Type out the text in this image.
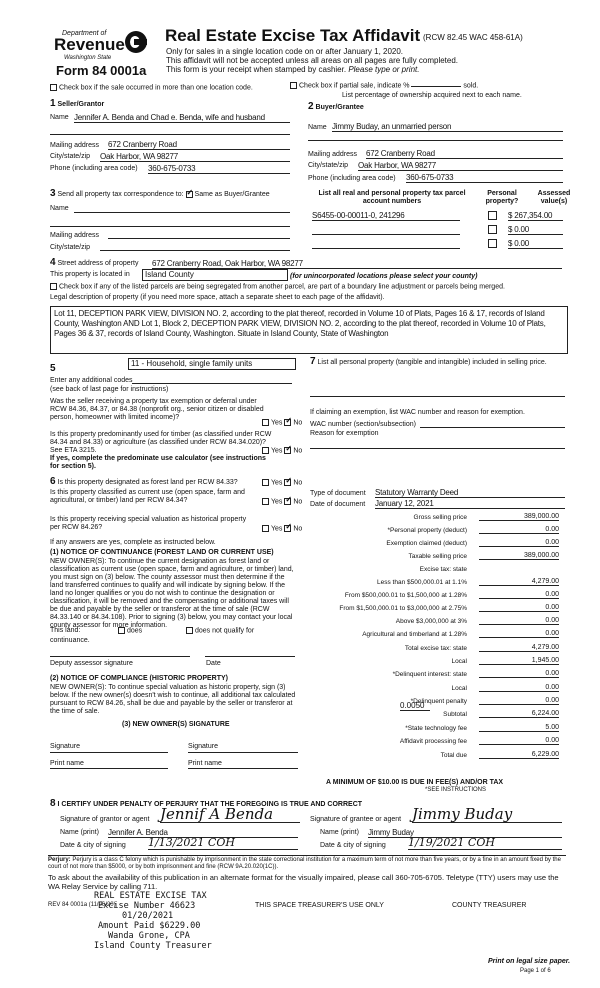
Department of
Revenue
Washington State
Form 84 0001a
Real Estate Excise Tax Affidavit (RCW 82.45 WAC 458-61A)
Only for sales in a single location code on or after January 1, 2020.
This affidavit will not be accepted unless all areas on all pages are fully completed.
This form is your receipt when stamped by cashier. Please type or print.
Check box if the sale occurred in more than one location code.	Check box if partial sale, indicate %	sold.
List percentage of ownership acquired next to each name.
1 Seller/Grantor
Name Jennifer A. Benda and Chad e. Benda, wife and husband
Mailing address 672 Cranberry Road
City/state/zip Oak Harbor, WA 98277
Phone (including area code) 360-675-0733
2 Buyer/Grantee
Name Jimmy Buday, an unmarried person
Mailing address 672 Cranberry Road
City/state/zip Oak Harbor, WA 98277
Phone (including area code) 360-675-0733
3 Send all property tax correspondence to: ✓ Same as Buyer/Grantee
Name
Mailing address
City/state/zip
List all real and personal property tax parcel account numbers
Personal property?
Assessed value(s)
S6455-00-00011-0, 241296	$ 267,354.00
$ 0.00
$ 0.00
4 Street address of property 672 Cranberry Road, Oak Harbor, WA 98277
This property is located in	Island County	(for unincorporated locations please select your county)
Check box if any of the listed parcels are being segregated from another parcel, are part of a boundary line adjustment or parcels being merged.
Legal description of property (if you need more space, attach a separate sheet to each page of the affidavit).
Lot 11, DECEPTION PARK VIEW, DIVISION NO. 2, according to the plat thereof, recorded in Volume 10 of Plats, Pages 16 & 17, records of Island County, Washington AND Lot 1, Block 2, DECEPTION PARK VIEW, DIVISION NO. 2, according to the plat thereof, recorded in Volume 10 of Plats, Pages 36 & 37, records of Island County, Washington. Situate in Island County, State of Washington
5	11 - Household, single family units
Enter any additional codes
(see back of last page for instructions)
Was the seller receiving a property tax exemption or deferral under RCW 84.36, 84.37, or 84.38 (nonprofit org., senior citizen or disabled person, homeowner with limited income)?
Yes ✓ No
Is this property predominantly used for timber (as classified under RCW 84.34 and 84.33) or agriculture (as classified under RCW 84.34.020)? See ETA 3215.	Yes ✓ No
If yes, complete the predominate use calculator (see instructions for section 5).
7 List all personal property (tangible and intangible) included in selling price.
If claiming an exemption, list WAC number and reason for exemption.
WAC number (section/subsection)
Reason for exemption
6 Is this property designated as forest land per RCW 84.33?	Yes ✓ No
Is this property classified as current use (open space, farm and agricultural, or timber) land per RCW 84.34?	Yes ✓ No
Is this property receiving special valuation as historical property per RCW 84.26?	Yes ✓ No
If any answers are yes, complete as instructed below.
(1) NOTICE OF CONTINUANCE (FOREST LAND OR CURRENT USE)
NEW OWNER(S): To continue the current designation as forest land or classification as current use (open space, farm and agriculture, or timber) land, you must sign on (3) below. The county assessor must then determine if the land transferred continues to qualify and will indicate by signing below. If the land no longer qualifies or you do not wish to continue the designation or classification, it will be removed and the compensating or additional taxes will be due and payable by the seller or transferor at the time of sale (RCW 84.33.140 or 84.34.108). Prior to signing (3) below, you may contact your local county assessor for more information.
This land:	does	does not qualify for
continuance.
Deputy assessor signature	Date
(2) NOTICE OF COMPLIANCE (HISTORIC PROPERTY)
NEW OWNER(S): To continue special valuation as historic property, sign (3) below. If the new owner(s) doesn't wish to continue, all additional tax calculated pursuant to RCW 84.26, shall be due and payable by the seller or transferor at the time of sale.
(3) NEW OWNER(S) SIGNATURE
Signature	Signature
Print name	Print name
Type of document Statutory Warranty Deed
Date of document January 12, 2021
Gross selling price	389,000.00
*Personal property (deduct)	0.00
Exemption claimed (deduct)	0.00
Taxable selling price	389,000.00
Excise tax: state
Less than $500,000.01 at 1.1%	4,279.00
From $500,000.01 to $1,500,000 at 1.28%	0.00
From $1,500,000.01 to $3,000,000 at 2.75%	0.00
Above $3,000,000 at 3%	0.00
Agricultural and timberland at 1.28%	0.00
Total excise tax: state	4,279.00
Local	1,945.00
*Delinquent interest: state	0.00
Local	0.00
*Delinquent penalty	0.00
Subtotal	6,224.00
*State technology fee	5.00
Affidavit processing fee	0.00
Total due	6,229.00
0.0050
A MINIMUM OF $10.00 IS DUE IN FEE(S) AND/OR TAX
*SEE INSTRUCTIONS
8 I CERTIFY UNDER PENALTY OF PERJURY THAT THE FOREGOING IS TRUE AND CORRECT
Signature of grantor or agent Jennif A Benda
Name (print) Jennifer A. Benda
Date & city of signing 1/13/2021 COH
Signature of grantee or agent Jimmy Buday
Name (print) Jimmy Buday
Date & city of signing 1/19/2021 COH
Perjury: Perjury is a class C felony which is punishable by imprisonment in the state correctional institution for a maximum term of not more than five years, or by a fine in an amount fixed by the court of not more than $5000, or by both imprisonment and fine (RCW 9A.20.020(1C)).
To ask about the availability of this publication in an alternate format for the visually impaired, please call 360-705-6705. Teletype (TTY) users may use the WA Relay Service by calling 711.
REAL ESTATE EXCISE TAX
Excise Number 46623
01/20/2021
Amount Paid $6229.00
Wanda Grone, CPA
Island County Treasurer
REV 84 0001a (11/06/20)	THIS SPACE TREASURER'S USE ONLY	COUNTY TREASURER
Print on legal size paper.
Page 1 of 6
